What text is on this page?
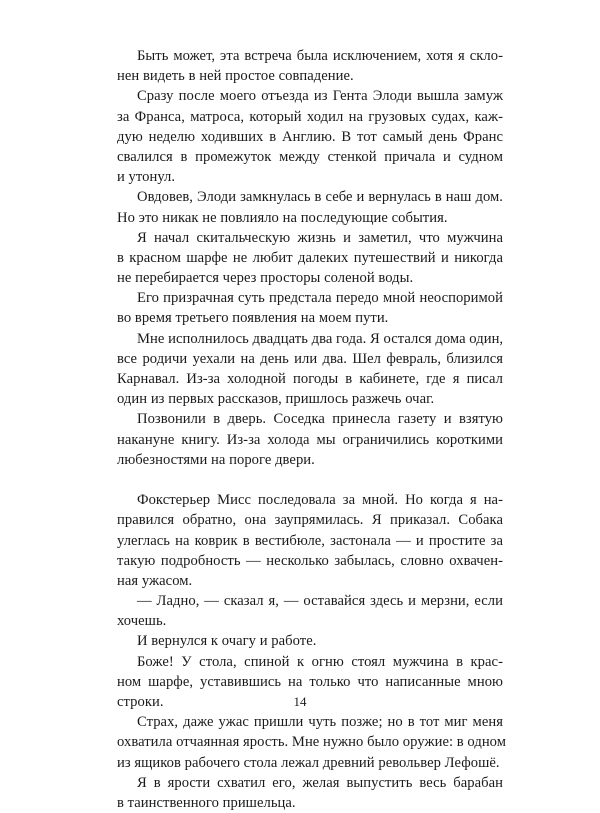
Быть может, эта встреча была исключением, хотя я скло-
нен видеть в ней простое совпадение.
Сразу после моего отъезда из Гента Элоди вышла замуж
за Франса, матроса, который ходил на грузовых судах, каж-
дую неделю ходивших в Англию. В тот самый день Франс
свалился в промежуток между стенкой причала и судном
и утонул.
Овдовев, Элоди замкнулась в себе и вернулась в наш дом.
Но это никак не повлияло на последующие события.
Я начал скитальческую жизнь и заметил, что мужчина
в красном шарфе не любит далеких путешествий и никогда
не перебирается через просторы соленой воды.
Его призрачная суть предстала передо мной неоспоримой
во время третьего появления на моем пути.
Мне исполнилось двадцать два года. Я остался дома один,
все родичи уехали на день или два. Шел февраль, близился
Карнавал. Из-за холодной погоды в кабинете, где я писал
один из первых рассказов, пришлось разжечь очаг.
Позвонили в дверь. Соседка принесла газету и взятую
накануне книгу. Из-за холода мы ограничились короткими
любезностями на пороге двери.
Фокстерьер Мисс последовала за мной. Но когда я на-
правился обратно, она заупрямилась. Я приказал. Собака
улеглась на коврик в вестибюле, застонала — и простите за
такую подробность — несколько забылась, словно охвачен-
ная ужасом.
— Ладно, — сказал я, — оставайся здесь и мерзни, если
хочешь.
И вернулся к очагу и работе.
Боже! У стола, спиной к огню стоял мужчина в крас-
ном шарфе, уставившись на только что написанные мною
строки.
Страх, даже ужас пришли чуть позже; но в тот миг меня
охватила отчаянная ярость. Мне нужно было оружие: в одном
из ящиков рабочего стола лежал древний револьвер Лефошё.
Я в ярости схватил его, желая выпустить весь барабан
в таинственного пришельца.
14
